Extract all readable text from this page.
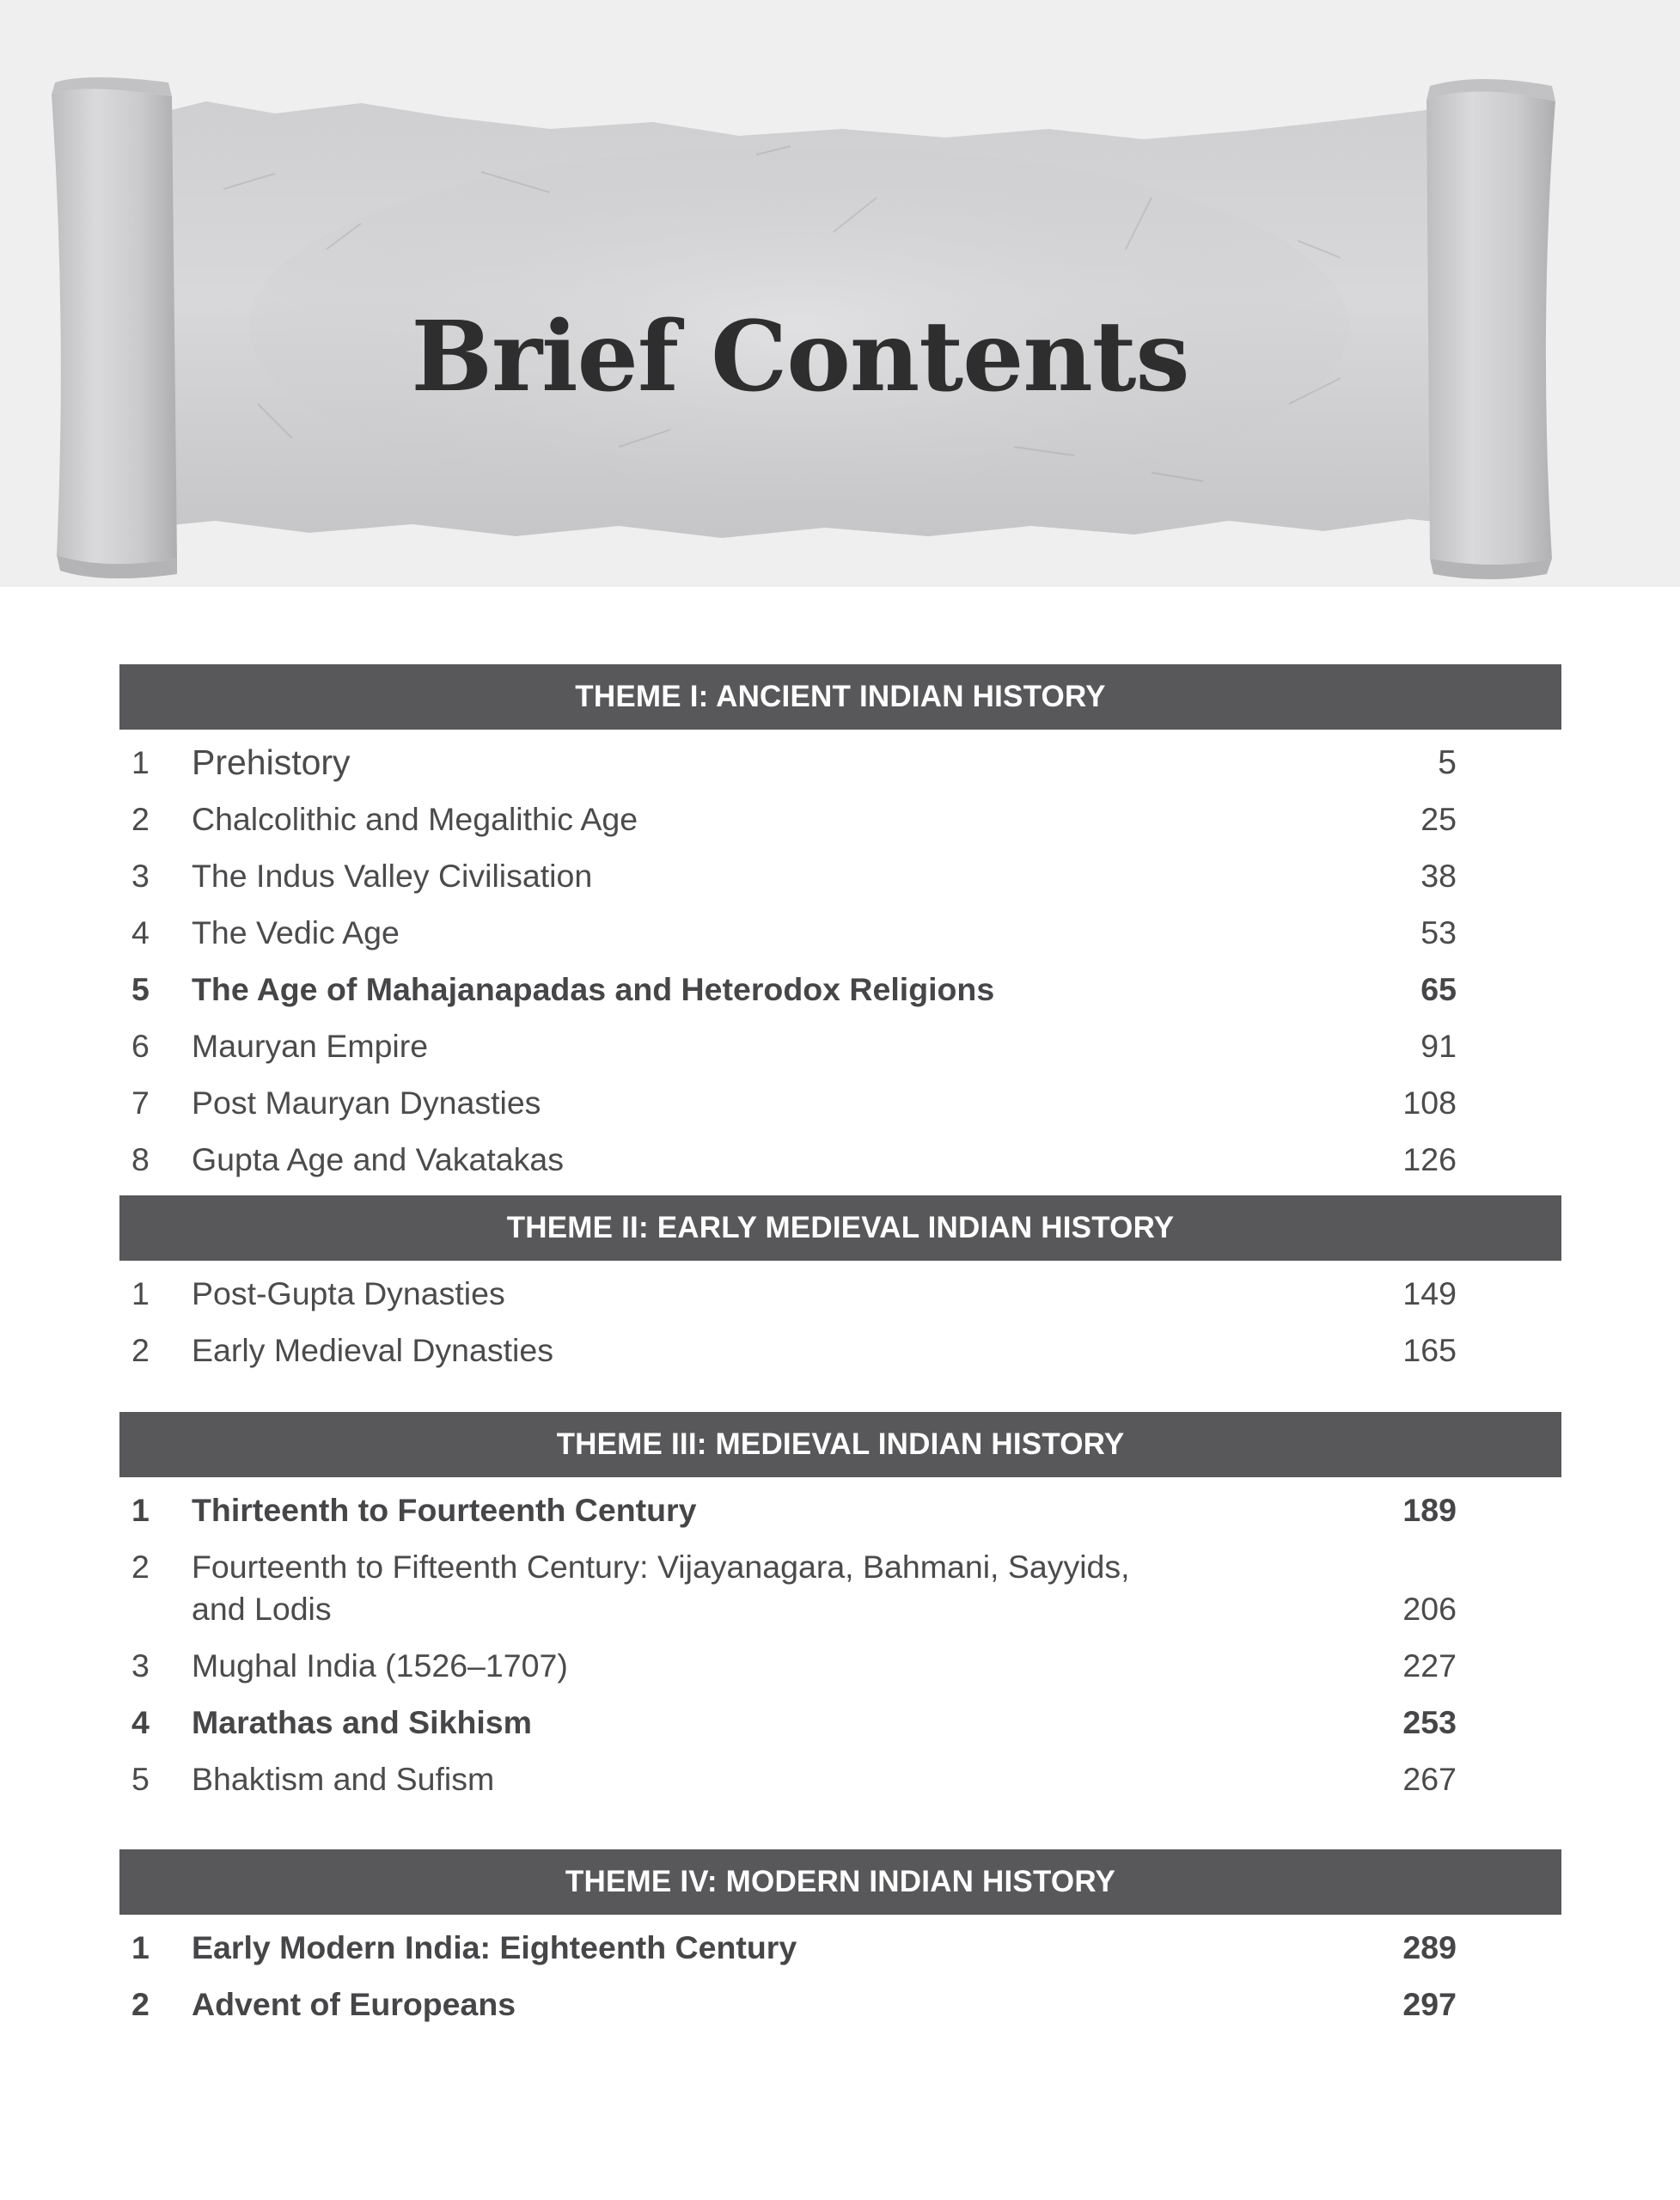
Brief Contents
THEME I: ANCIENT INDIAN HISTORY
1	Prehistory	5
2	Chalcolithic and Megalithic Age	25
3	The Indus Valley Civilisation	38
4	The Vedic Age	53
5	The Age of Mahajanapadas and Heterodox Religions	65
6	Mauryan Empire	91
7	Post Mauryan Dynasties	108
8	Gupta Age and Vakatakas	126
THEME II: EARLY MEDIEVAL INDIAN HISTORY
1	Post-Gupta Dynasties	149
2	Early Medieval Dynasties	165
THEME III: MEDIEVAL INDIAN HISTORY
1	Thirteenth to Fourteenth Century	189
2	Fourteenth to Fifteenth Century: Vijayanagara, Bahmani, Sayyids,
and Lodis	206
3	Mughal India (1526–1707)	227
4	Marathas and Sikhism	253
5	Bhaktism and Sufism	267
THEME IV: MODERN INDIAN HISTORY
1	Early Modern India: Eighteenth Century	289
2	Advent of Europeans	297
